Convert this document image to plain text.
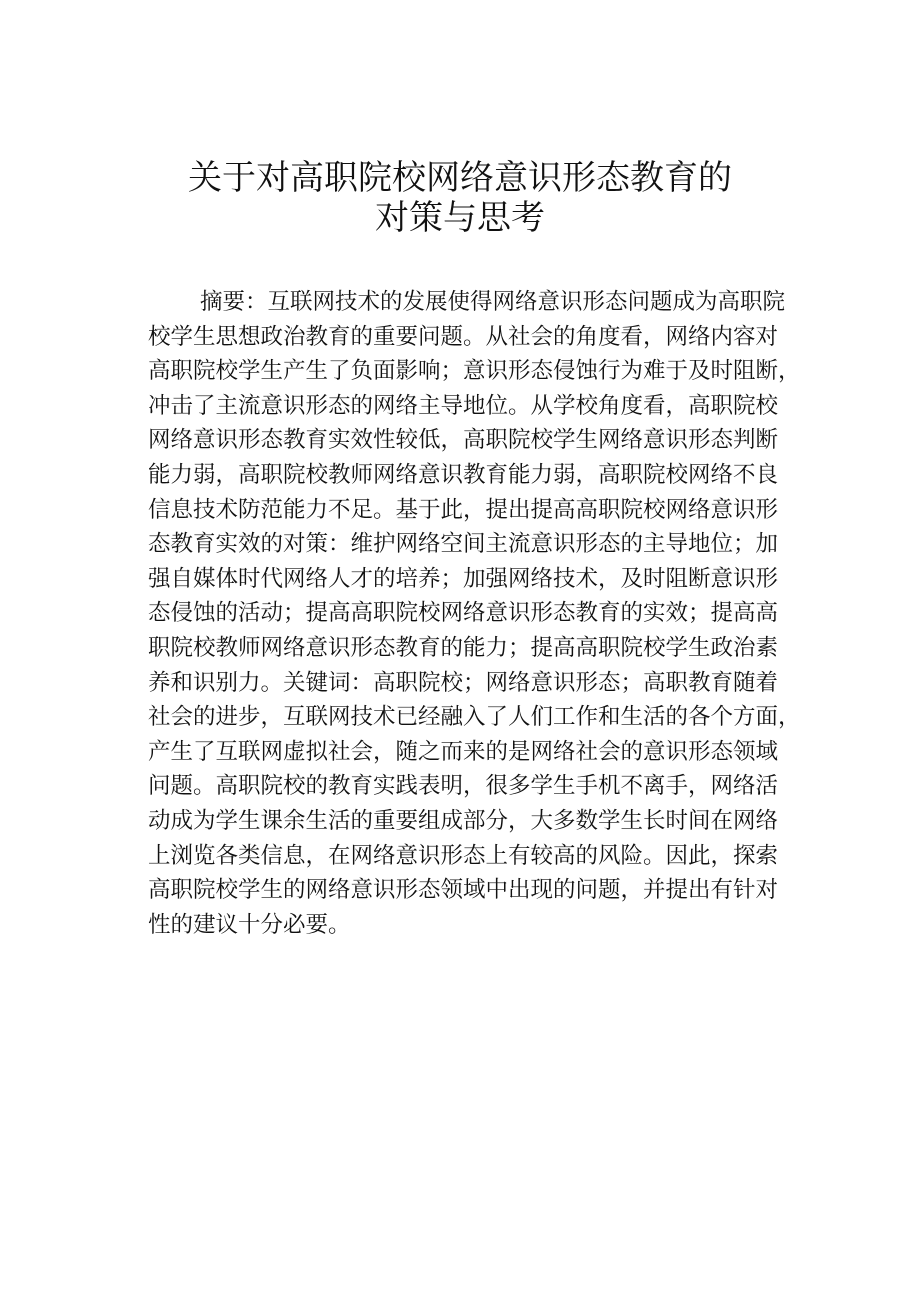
关于对高职院校网络意识形态教育的
对策与思考
摘要：互联网技术的发展使得网络意识形态问题成为高职院
校学生思想政治教育的重要问题。从社会的角度看，网络内容对
高职院校学生产生了负面影响；意识形态侵蚀行为难于及时阻断，
冲击了主流意识形态的网络主导地位。从学校角度看，高职院校
网络意识形态教育实效性较低，高职院校学生网络意识形态判断
能力弱，高职院校教师网络意识教育能力弱，高职院校网络不良
信息技术防范能力不足。基于此，提出提高高职院校网络意识形
态教育实效的对策：维护网络空间主流意识形态的主导地位；加
强自媒体时代网络人才的培养；加强网络技术，及时阻断意识形
态侵蚀的活动；提高高职院校网络意识形态教育的实效；提高高
职院校教师网络意识形态教育的能力；提高高职院校学生政治素
养和识别力。关键词：高职院校；网络意识形态；高职教育随着
社会的进步，互联网技术已经融入了人们工作和生活的各个方面，
产生了互联网虚拟社会，随之而来的是网络社会的意识形态领域
问题。高职院校的教育实践表明，很多学生手机不离手，网络活
动成为学生课余生活的重要组成部分，大多数学生长时间在网络
上浏览各类信息，在网络意识形态上有较高的风险。因此，探索
高职院校学生的网络意识形态领域中出现的问题，并提出有针对
性的建议十分必要。
